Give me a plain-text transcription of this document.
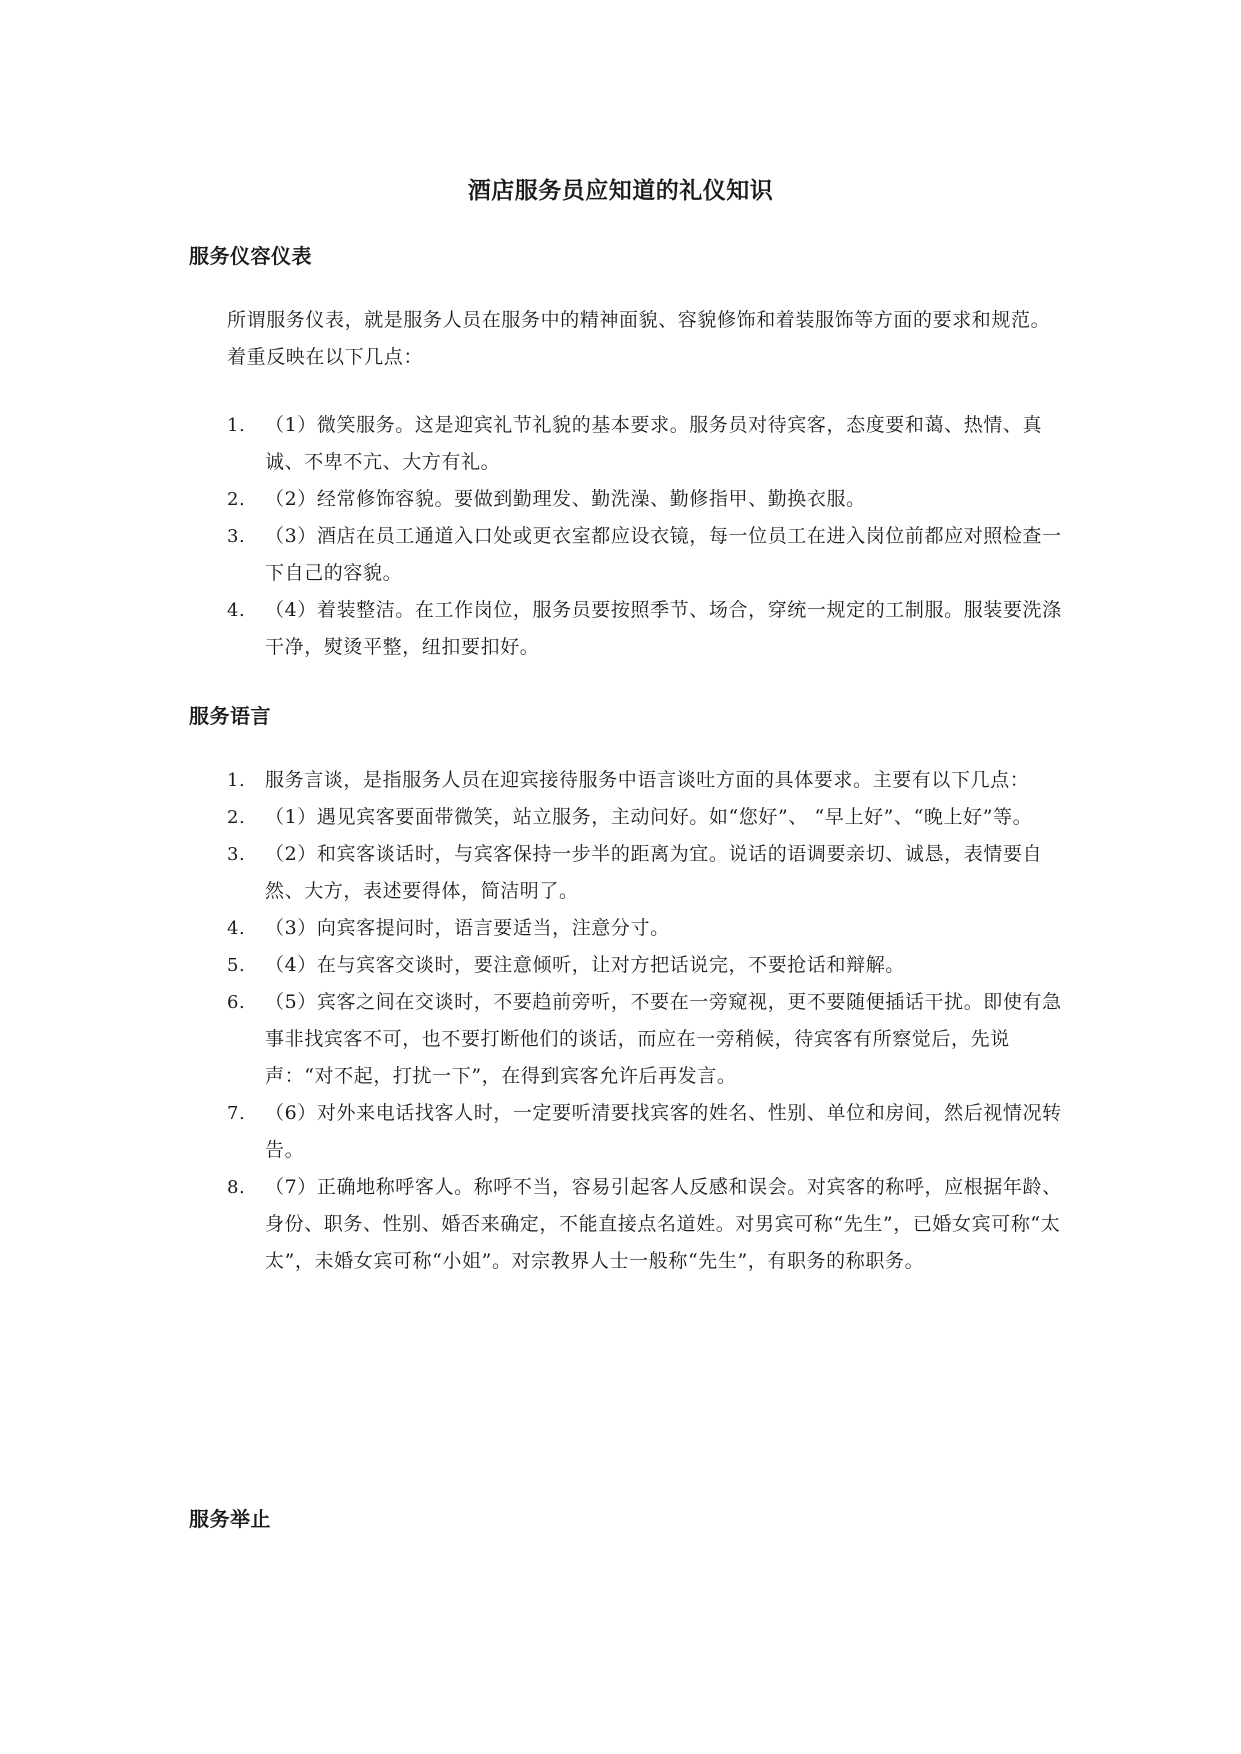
酒店服务员应知道的礼仪知识
服务仪容仪表
所谓服务仪表，就是服务人员在服务中的精神面貌、容貌修饰和着装服饰等方面的要求和规范。着重反映在以下几点：
1. （1）微笑服务。这是迎宾礼节礼貌的基本要求。服务员对待宾客，态度要和蔼、热情、真诚、不卑不亢、大方有礼。
2. （2）经常修饰容貌。要做到勤理发、勤洗澡、勤修指甲、勤换衣服。
3. （3）酒店在员工通道入口处或更衣室都应设衣镜，每一位员工在进入岗位前都应对照检查一下自己的容貌。
4. （4）着装整洁。在工作岗位，服务员要按照季节、场合，穿统一规定的工制服。服装要洗涤干净，熨烫平整，纽扣要扣好。
服务语言
1. 服务言谈，是指服务人员在迎宾接待服务中语言谈吐方面的具体要求。主要有以下几点：
2. （1）遇见宾客要面带微笑，站立服务，主动问好。如“您好”、 “早上好”、“晚上好”等。
3. （2）和宾客谈话时，与宾客保持一步半的距离为宜。说话的语调要亲切、诚恳，表情要自然、大方，表述要得体，简洁明了。
4. （3）向宾客提问时，语言要适当，注意分寸。
5. （4）在与宾客交谈时，要注意倾听，让对方把话说完，不要抢话和辩解。
6. （5）宾客之间在交谈时，不要趋前旁听，不要在一旁窥视，更不要随便插话干扰。即使有急事非找宾客不可，也不要打断他们的谈话，而应在一旁稍候，待宾客有所察觉后，先说声：“对不起，打扰一下”，在得到宾客允许后再发言。
7. （6）对外来电话找客人时，一定要听清要找宾客的姓名、性别、单位和房间，然后视情况转告。
8. （7）正确地称呼客人。称呼不当，容易引起客人反感和误会。对宾客的称呼，应根据年龄、身份、职务、性别、婚否来确定，不能直接点名道姓。对男宾可称“先生”，已婚女宾可称“太太”，未婚女宾可称“小姐”。对宗教界人士一般称“先生”，有职务的称职务。
服务举止
